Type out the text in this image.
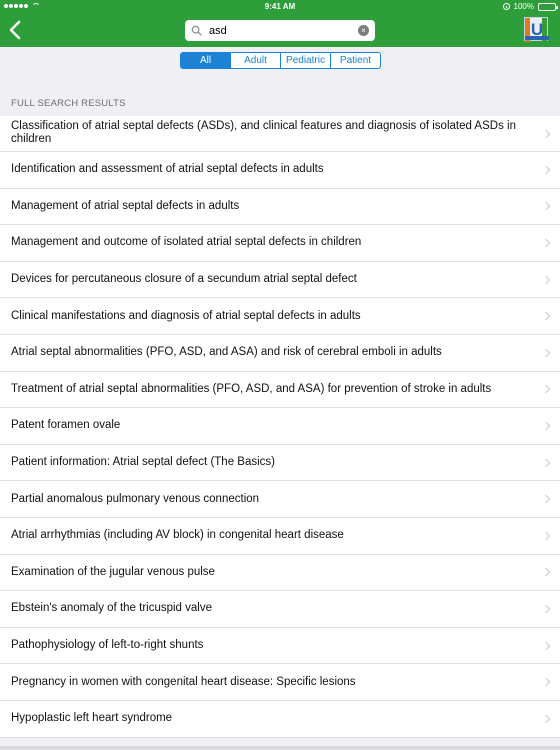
9:41 AM	100%
asd
×	U
All	Adult	Pediatric	Patient
FULL SEARCH RESULTS
Classification of atrial septal defects (ASDs), and clinical features and diagnosis of isolated ASDs in children
Identification and assessment of atrial septal defects in adults
Management of atrial septal defects in adults
Management and outcome of isolated atrial septal defects in children
Devices for percutaneous closure of a secundum atrial septal defect
Clinical manifestations and diagnosis of atrial septal defects in adults
Atrial septal abnormalities (PFO, ASD, and ASA) and risk of cerebral emboli in adults
Treatment of atrial septal abnormalities (PFO, ASD, and ASA) for prevention of stroke in adults
Patent foramen ovale
Patient information: Atrial septal defect (The Basics)
Partial anomalous pulmonary venous connection
Atrial arrhythmias (including AV block) in congenital heart disease
Examination of the jugular venous pulse
Ebstein's anomaly of the tricuspid valve
Pathophysiology of left-to-right shunts
Pregnancy in women with congenital heart disease: Specific lesions
Hypoplastic left heart syndrome
